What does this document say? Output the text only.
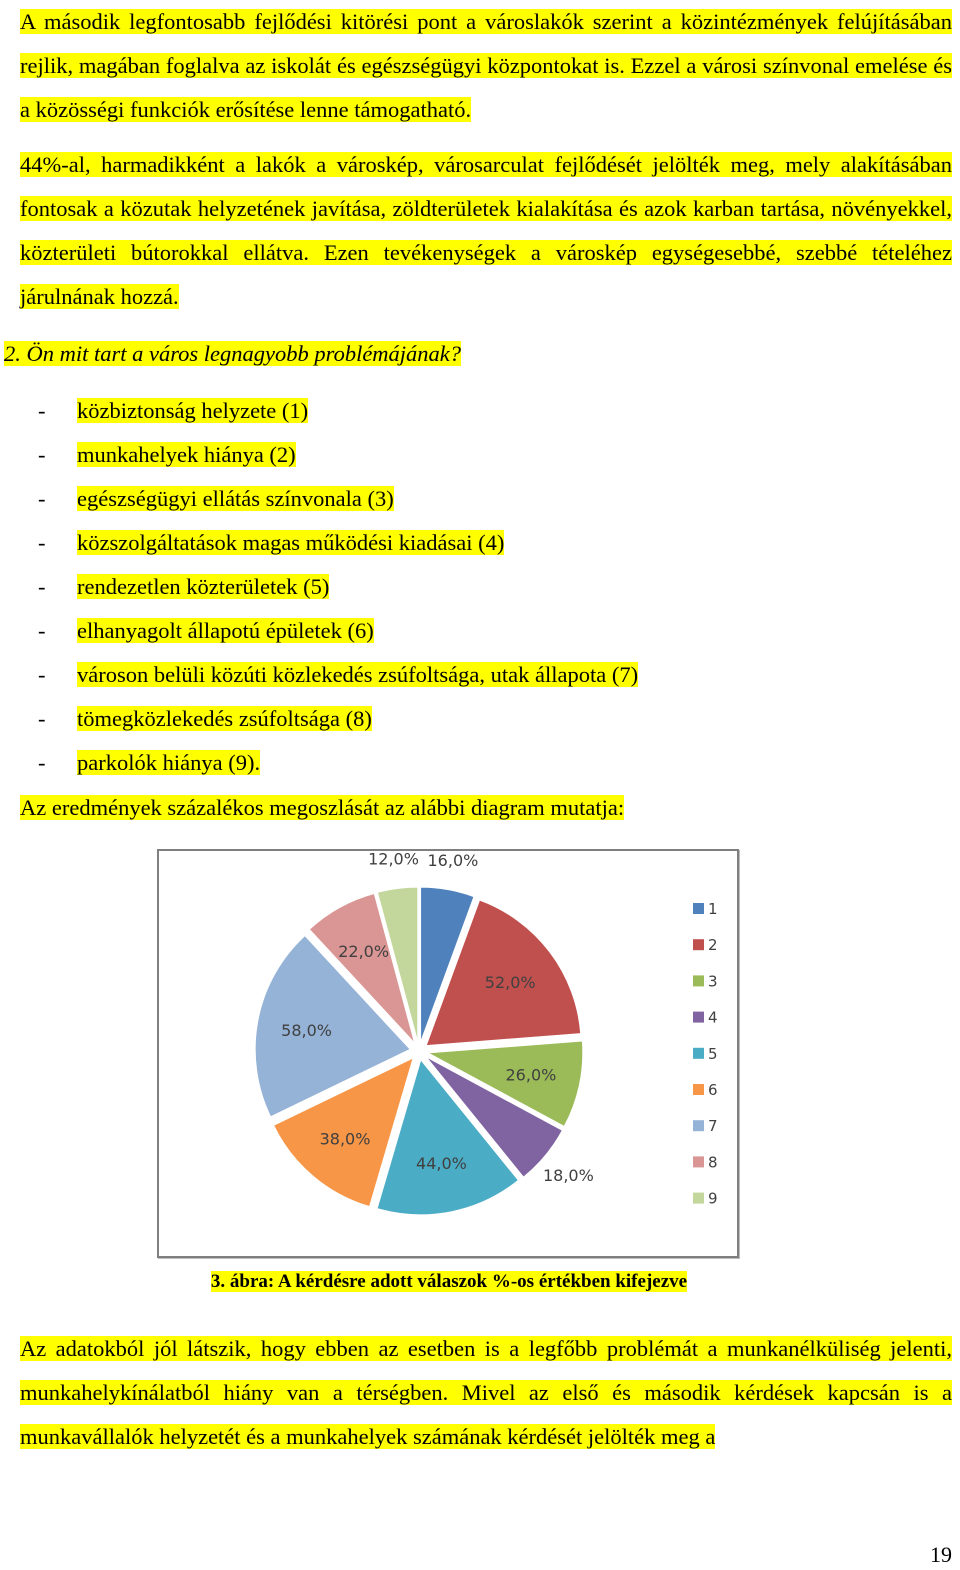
A második legfontosabb fejlődési kitörési pont a városlakók szerint a közintézmények felújításában rejlik, magában foglalva az iskolát és egészségügyi központokat is. Ezzel a városi színvonal emelése és a közösségi funkciók erősítése lenne támogatható.

44%-al, harmadikként a lakók a városkép, városarculat fejlődését jelölték meg, mely alakításában fontosak a közutak helyzetének javítása, zöldterületek kialakítása és azok karban tartása, növényekkel, közterületi bútorokkal ellátva. Ezen tevékenységek a városkép egységesebbé, szebbé tételéhez járulnának hozzá.

2. Ön mit tart a város legnagyobb problémájának?

- közbiztonság helyzete (1)
- munkahelyek hiánya (2)
- egészségügyi ellátás színvonala (3)
- közszolgáltatások magas működési kiadásai (4)
- rendezetlen közterületek (5)
- elhanyagolt állapotú épületek (6)
- városon belüli közúti közlekedés zsúfoltsága, utak állapota (7)
- tömegközlekedés zsúfoltsága (8)
- parkolók hiánya (9).

Az eredmények százalékos megoszlását az alábbi diagram mutatja:

16,0%
52,0%
26,0%
18,0%
44,0%
38,0%
58,0%
22,0%
12,0%
1
2
3
4
5
6
7
8
9
3. ábra: A kérdésre adott válaszok %-os értékben kifejezve

Az adatokból jól látszik, hogy ebben az esetben is a legfőbb problémát a munkanélküliség jelenti, munkahelykínálatból hiány van a térségben. Mivel az első és második kérdések kapcsán is a munkavállalók helyzetét és a munkahelyek számának kérdését jelölték meg a

19
